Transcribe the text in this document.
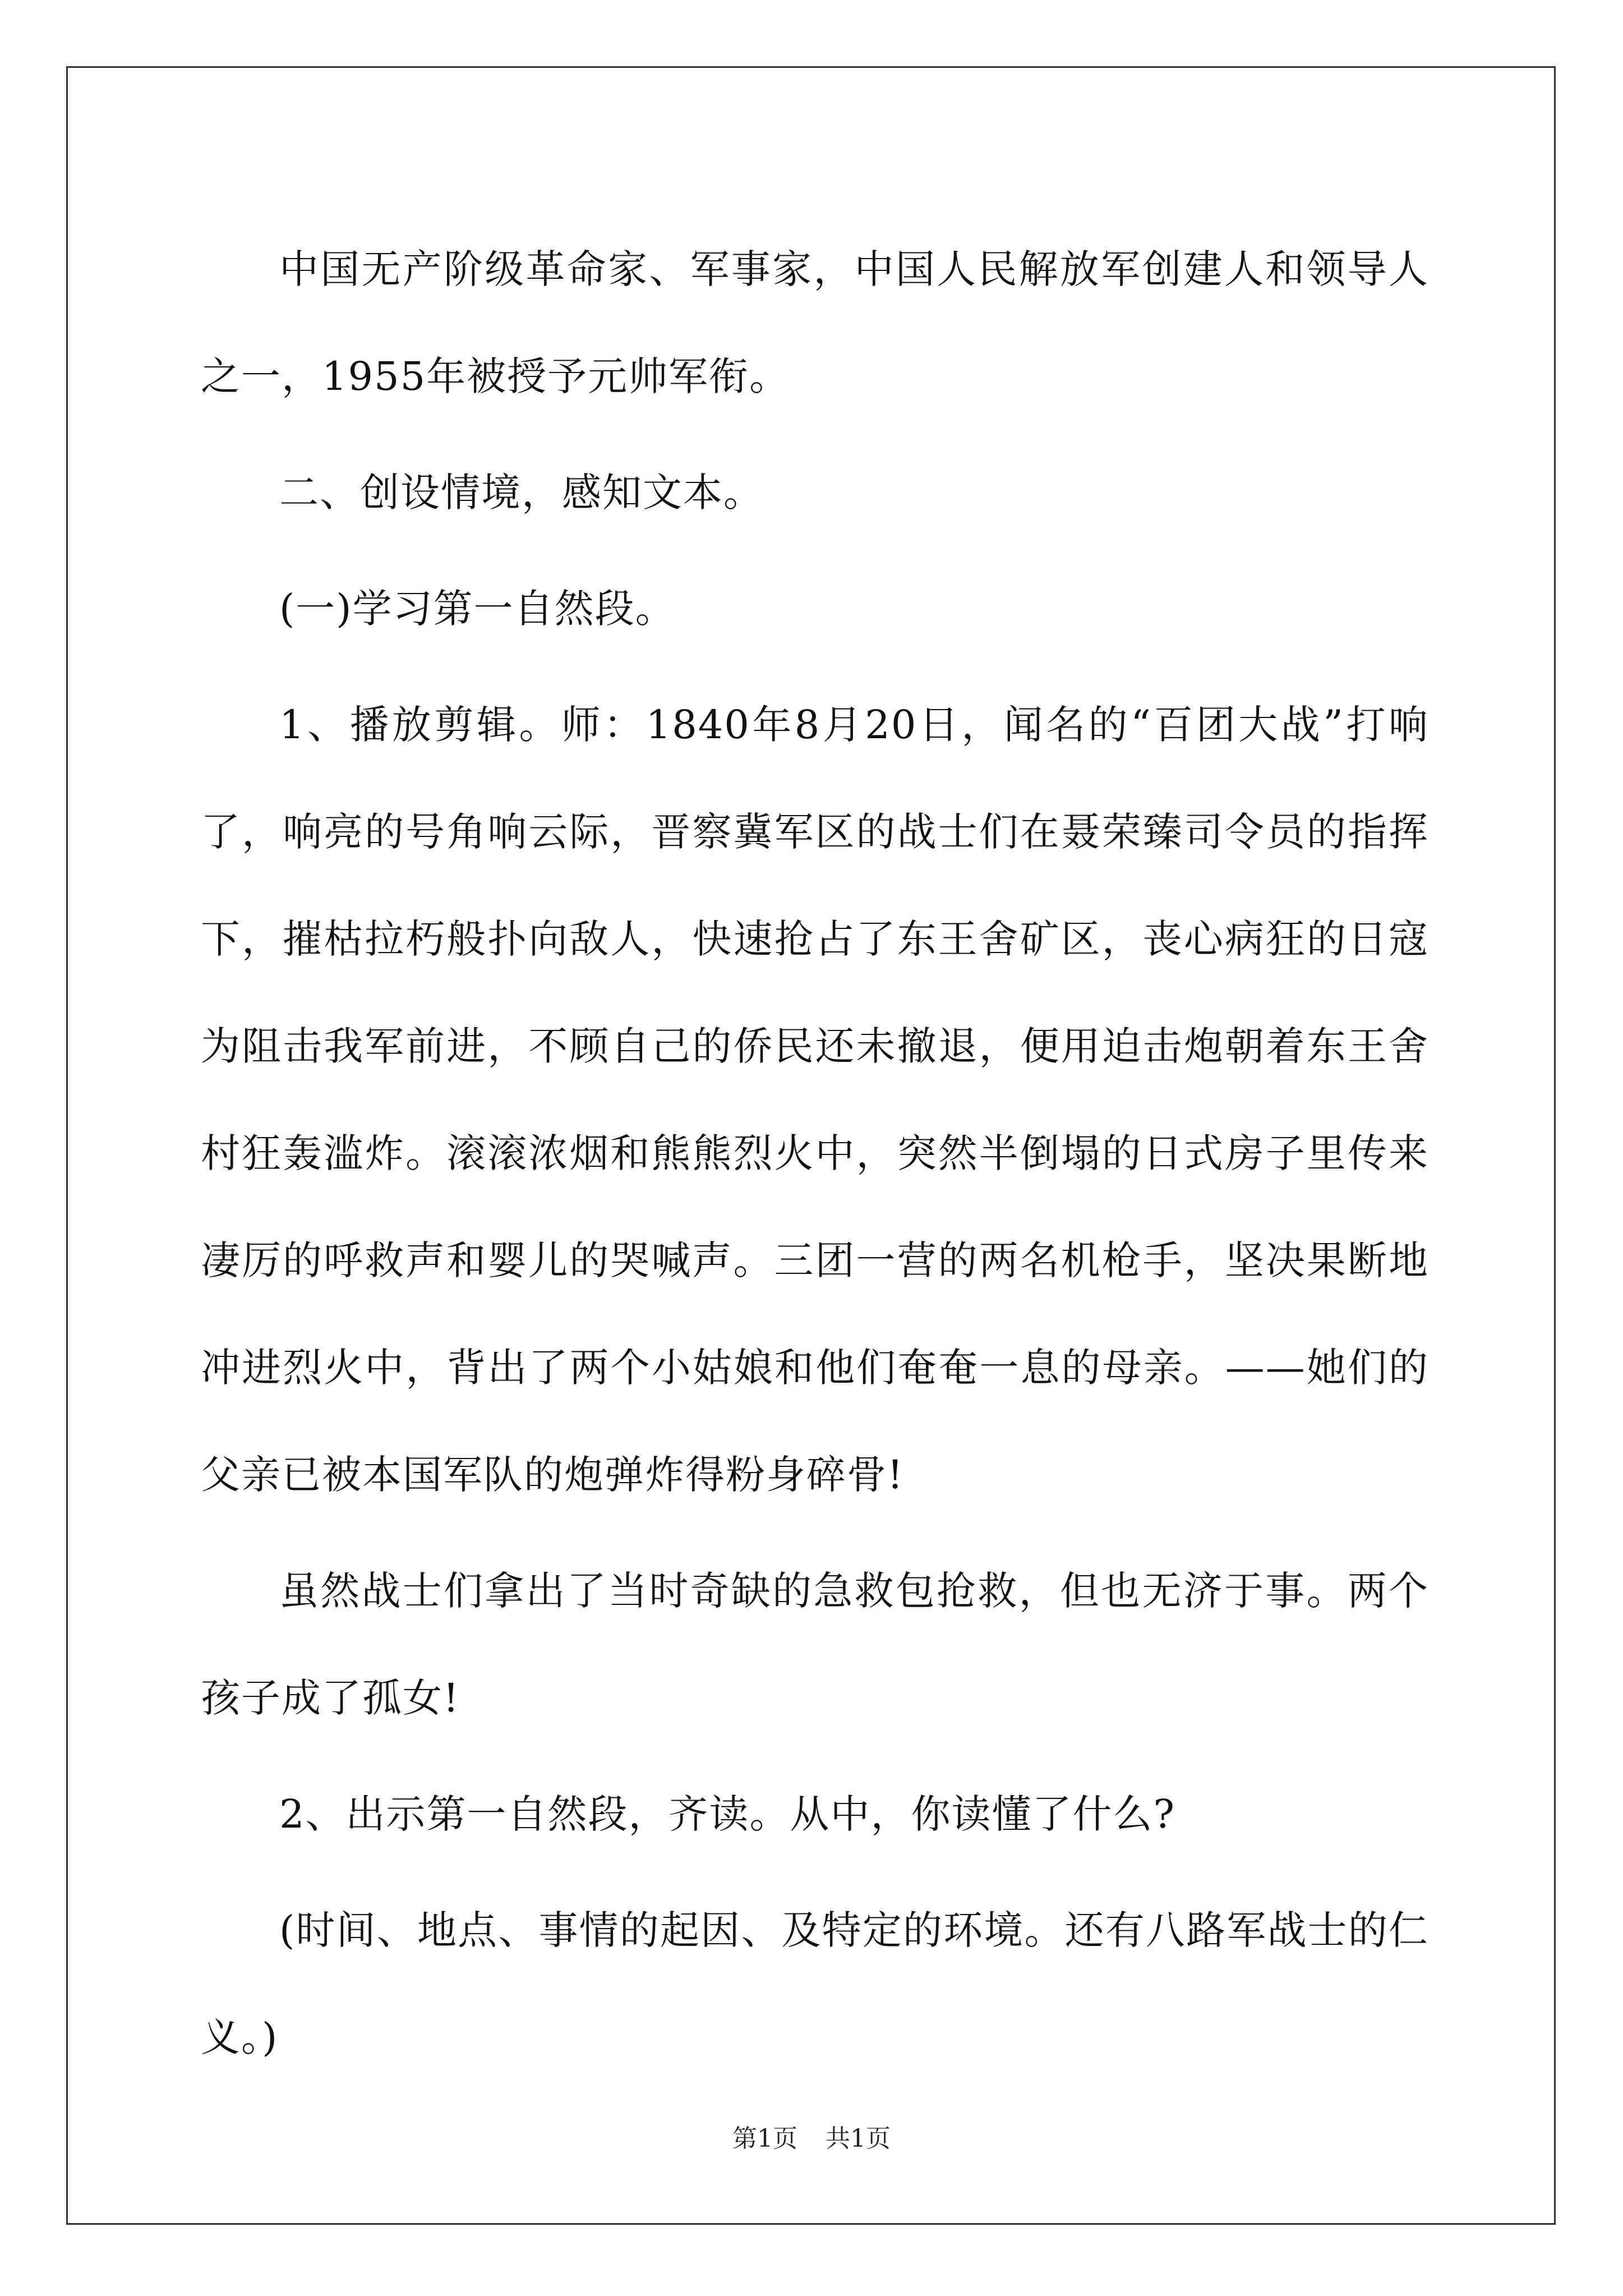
中国无产阶级革命家、军事家，中国人民解放军创建人和领导人之一，1955年被授予元帅军衔。

二、创设情境，感知文本。

(一)学习第一自然段。

1、播放剪辑。师：1840年8月20日，闻名的“百团大战”打响了，响亮的号角响云际，晋察冀军区的战士们在聂荣臻司令员的指挥下，摧枯拉朽般扑向敌人，快速抢占了东王舍矿区，丧心病狂的日寇为阻击我军前进，不顾自己的侨民还未撤退，便用迫击炮朝着东王舍村狂轰滥炸。滚滚浓烟和熊熊烈火中，突然半倒塌的日式房子里传来凄厉的呼救声和婴儿的哭喊声。三团一营的两名机枪手，坚决果断地冲进烈火中，背出了两个小姑娘和他们奄奄一息的母亲。——她们的父亲已被本国军队的炮弹炸得粉身碎骨!

虽然战士们拿出了当时奇缺的急救包抢救，但也无济于事。两个孩子成了孤女!

2、出示第一自然段，齐读。从中，你读懂了什么?

(时间、地点、事情的起因、及特定的环境。还有八路军战士的仁义。)

第1页 共1页
